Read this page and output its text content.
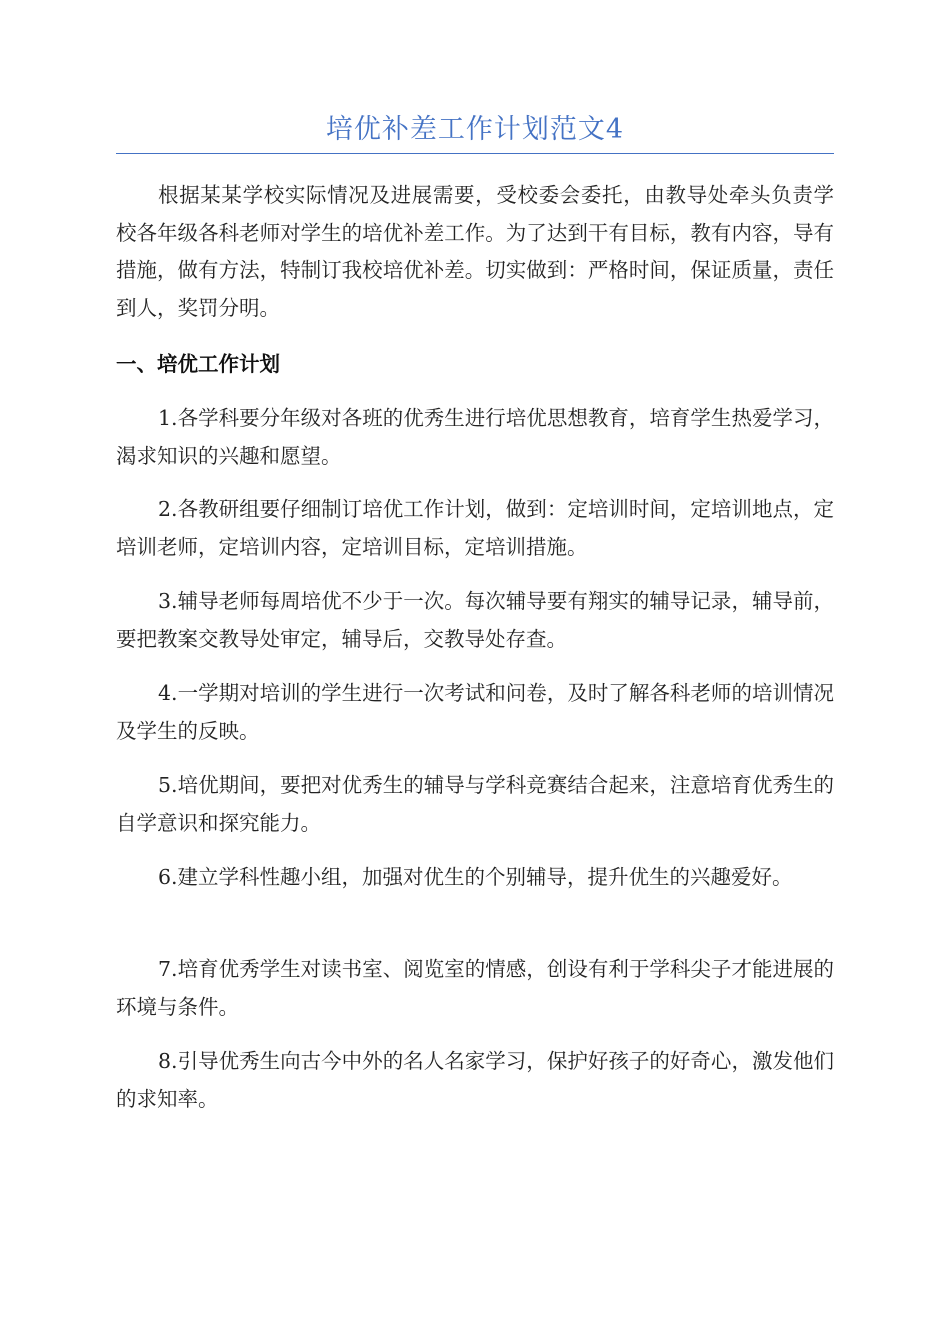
培优补差工作计划范文4

根据某某学校实际情况及进展需要，受校委会委托，由教导处牵头负责学校各年级各科老师对学生的培优补差工作。为了达到干有目标，教有内容，导有措施，做有方法，特制订我校培优补差。切实做到：严格时间，保证质量，责任到人，奖罚分明。

一、培优工作计划

1.各学科要分年级对各班的优秀生进行培优思想教育，培育学生热爱学习，渴求知识的兴趣和愿望。

2.各教研组要仔细制订培优工作计划，做到：定培训时间，定培训地点，定培训老师，定培训内容，定培训目标，定培训措施。

3.辅导老师每周培优不少于一次。每次辅导要有翔实的辅导记录，辅导前，要把教案交教导处审定，辅导后，交教导处存查。

4.一学期对培训的学生进行一次考试和问卷，及时了解各科老师的培训情况及学生的反映。

5.培优期间，要把对优秀生的辅导与学科竞赛结合起来，注意培育优秀生的自学意识和探究能力。

6.建立学科性趣小组，加强对优生的个别辅导，提升优生的兴趣爱好。

7.培育优秀学生对读书室、阅览室的情感，创设有利于学科尖子才能进展的环境与条件。

8.引导优秀生向古今中外的名人名家学习，保护好孩子的好奇心，激发他们的求知率。
